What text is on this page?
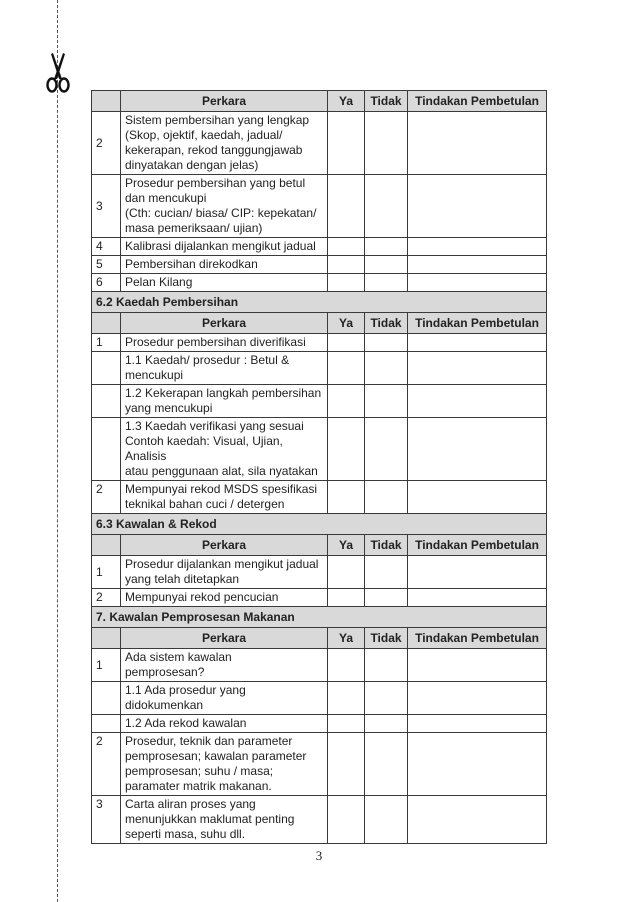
	Perkara	Ya	Tidak	Tindakan Pembetulan
2	Sistem pembersihan yang lengkap
(Skop, ojektif, kaedah, jadual/
kekerapan, rekod tanggungjawab
dinyatakan dengan jelas)			
3	Prosedur pembersihan yang betul
dan mencukupi
(Cth: cucian/ biasa/ CIP: kepekatan/
masa pemeriksaan/ ujian)			
4	Kalibrasi dijalankan mengikut jadual			
5	Pembersihan direkodkan			
6	Pelan Kilang			
6.2 Kaedah Pembersihan				
	Perkara	Ya	Tidak	Tindakan Pembetulan
1	Prosedur pembersihan diverifikasi			
	1.1 Kaedah/ prosedur : Betul &
mencukupi			
	1.2 Kekerapan langkah pembersihan
yang mencukupi			
	1.3 Kaedah verifikasi yang sesuai
Contoh kaedah: Visual, Ujian, Analisis
atau penggunaan alat, sila nyatakan			
2	Mempunyai rekod MSDS spesifikasi
teknikal bahan cuci / detergen			
6.3 Kawalan & Rekod				
	Perkara	Ya	Tidak	Tindakan Pembetulan
1	Prosedur dijalankan mengikut jadual
yang telah ditetapkan			
2	Mempunyai rekod pencucian			
7. Kawalan Pemprosesan Makanan				
	Perkara	Ya	Tidak	Tindakan Pembetulan
1	Ada sistem kawalan
pemprosesan?			
	1.1 Ada prosedur yang
didokumenkan			
	1.2 Ada rekod kawalan			
2	Prosedur, teknik dan parameter
pemprosesan; kawalan parameter
pemprosesan; suhu / masa;
paramater matrik makanan.			
3	Carta aliran proses yang
menunjukkan maklumat penting
seperti masa, suhu dll.			
3
